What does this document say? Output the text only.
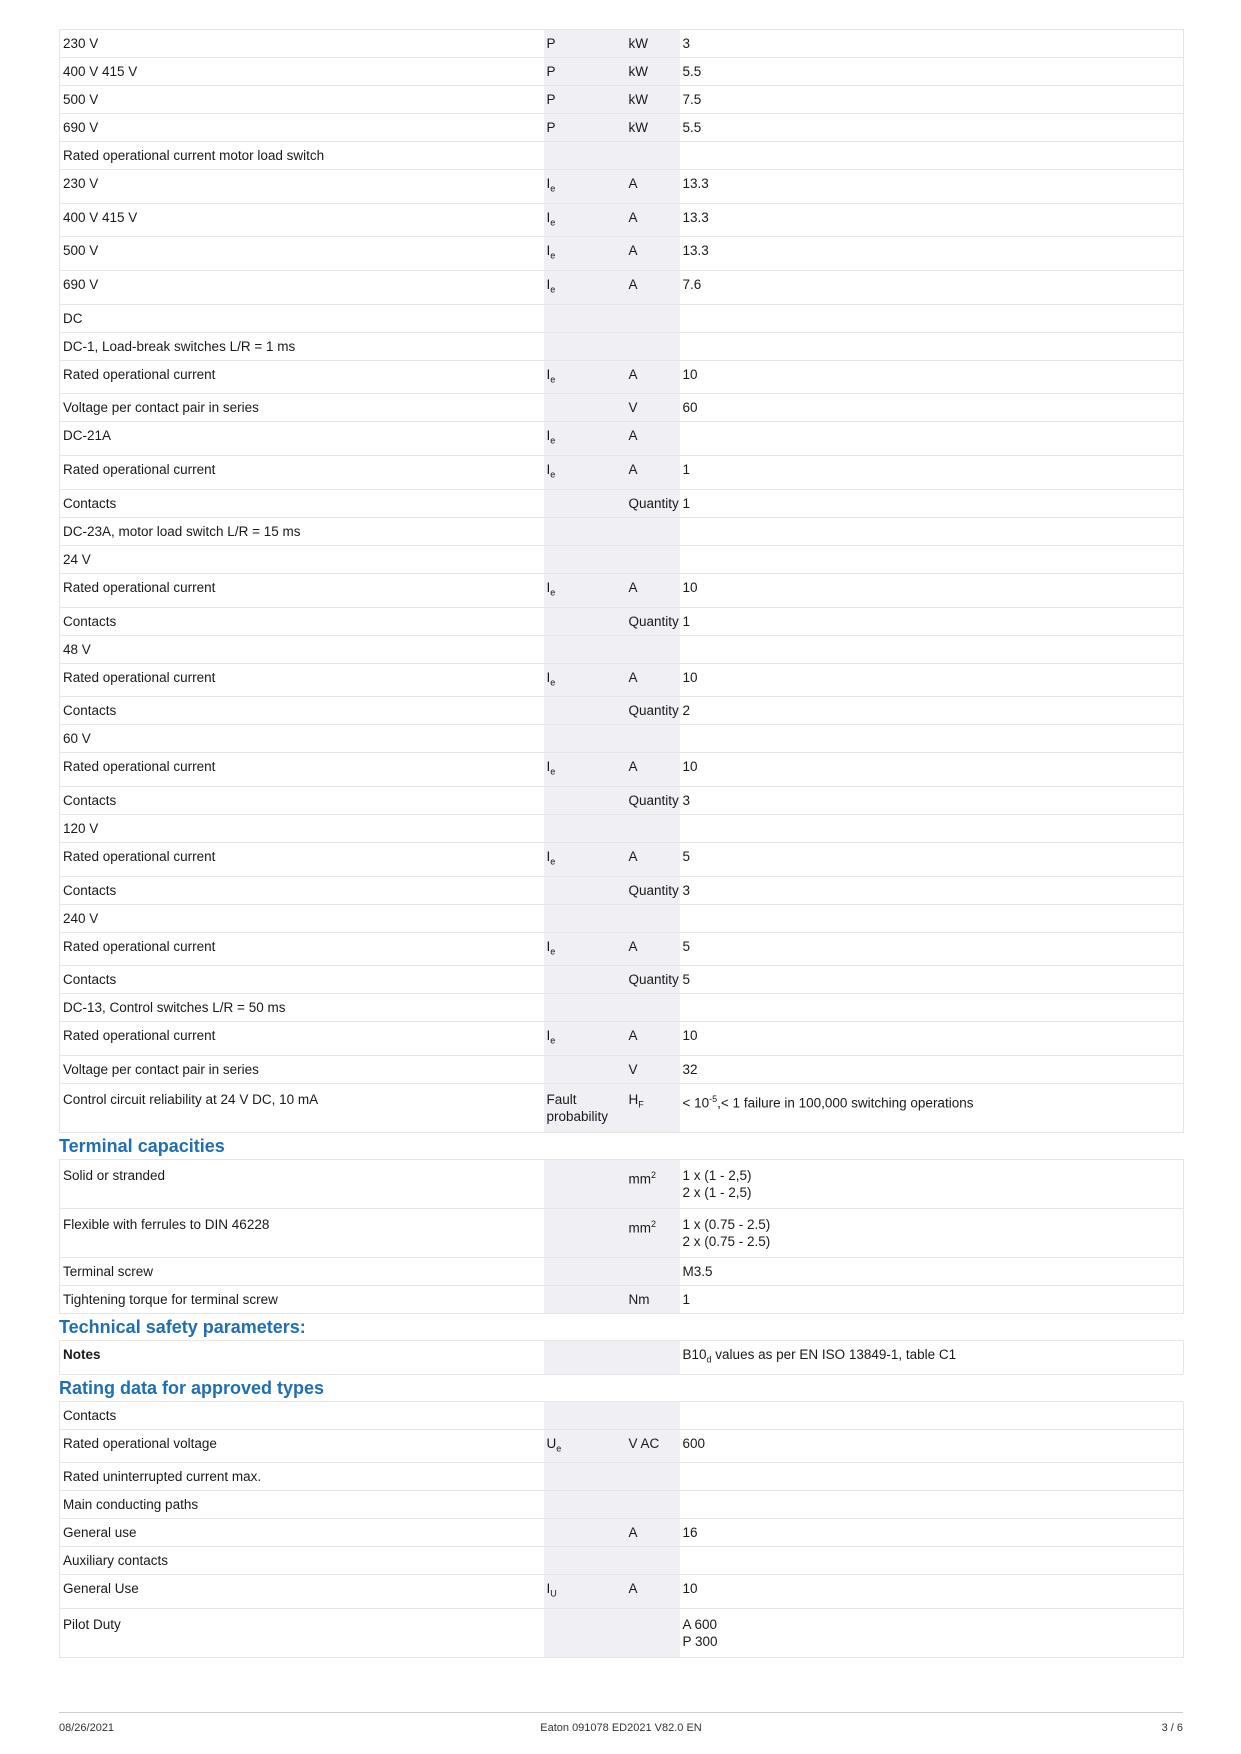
230 V	P	kW	3

400 V 415 V	P	kW	5.5

500 V	P	kW	7.5

690 V	P	kW	5.5

Rated operational current motor load switch			
230 V	$I_e$	A	13.3

400 V 415 V	$I_e$	A	13.3

500 V	$I_e$	A	13.3

690 V	$I_e$	A	7.6

DC			
DC-1, Load-break switches L/R = 1 ms			
Rated operational current	$I_e$	A	10

Voltage per contact pair in series		V	60

DC-21A	$I_e$	A	
Rated operational current	$I_e$	A	1

Contacts		Quantity	1

DC-23A, motor load switch L/R = 15 ms			
24 V			
Rated operational current	$I_e$	A	10

Contacts		Quantity	1

48 V			
Rated operational current	$I_e$	A	10

Contacts		Quantity	2

60 V			
Rated operational current	$I_e$	A	10

Contacts		Quantity	3

120 V			
Rated operational current	$I_e$	A	5

Contacts		Quantity	3

240 V			
Rated operational current	$I_e$	A	5

Contacts		Quantity	5

DC-13, Control switches L/R = 50 ms			
Rated operational current	$I_e$	A	10

Voltage per contact pair in series		V	32

Control circuit reliability at 24 V DC, 10 mA	Fault probability	$H_F$	< $10^{-5},< 1$ failure in 100,000 switching operations
Terminal capacities
Solid or stranded		$mm^2$	1 x (1 - 2,5)
2 x (1 - 2,5)

Flexible with ferrules to DIN 46228		$mm^2$	1 x (0.75 - 2.5)
2 x (0.75 - 2.5)

Terminal screw			M3.5

Tightening torque for terminal screw		Nm	1
Technical safety parameters:
Notes			$B10_d$ values as per EN ISO 13849-1, table C1
Rating data for approved types
Contacts			
Rated operational voltage	$U_e$	V AC	600

Rated uninterrupted current max.			
Main conducting paths			
General use		A	16

Auxiliary contacts			
General Use	$I_U$	A	10

Pilot Duty			A 600
P 300
08/26/2021	Eaton 091078 ED2021 V82.0 EN	3 / 6
